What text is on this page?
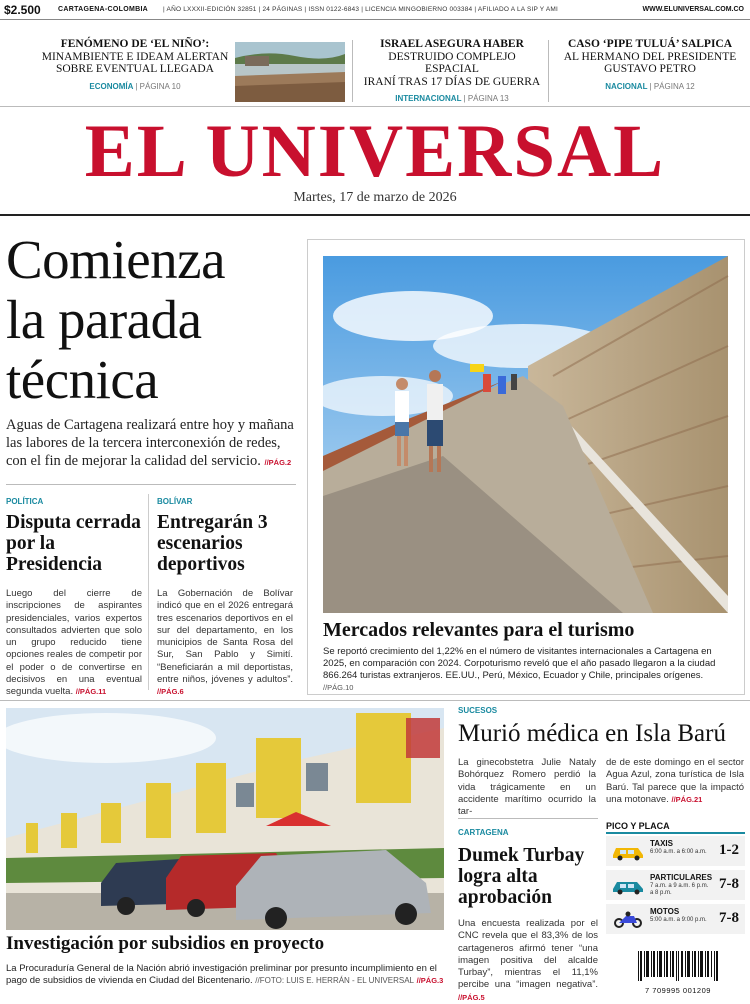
$2.500 CARTAGENA-COLOMBIA | AÑO LXXXII-EDICIÓN 32851 | 24 PÁGINAS | ISSN 0122-6843 | LICENCIA MINGOBIERNO 003384 | AFILIADO A LA SIP Y AMI	WWW.ELUNIVERSAL.COM.CO
FENÓMENO DE ‘EL NIÑO’:
MINAMBIENTE E IDEAM ALERTAN
SOBRE EVENTUAL LLEGADA
ECONOMÍA | PÁGINA 10
ISRAEL ASEGURA HABER
DESTRUIDO COMPLEJO ESPACIAL
IRANÍ TRAS 17 DÍAS DE GUERRA
INTERNACIONAL | PÁGINA 13
CASO ‘PIPE TULUÁ’ SALPICA
AL HERMANO DEL PRESIDENTE
GUSTAVO PETRO
NACIONAL | PÁGINA 12
EL UNIVERSAL
Martes, 17 de marzo de 2026
Comienza
la parada
técnica
Aguas de Cartagena realizará entre hoy y mañana las labores de la tercera interconexión de redes, con el fin de mejorar la calidad del servicio. //PÁG.2
POLÍTICA
Disputa cerrada por la Presidencia
Luego del cierre de inscripciones de aspirantes presidenciales, varios expertos consultados advierten que solo un grupo reducido tiene opciones reales de competir por el poder o de convertirse en decisivos en una eventual segunda vuelta. //PÁG.11
BOLÍVAR
Entregarán 3 escenarios deportivos
La Gobernación de Bolívar indicó que en el 2026 entregará tres escenarios deportivos en el sur del departamento, en los municipios de Santa Rosa del Sur, San Pablo y Simití. “Beneficiarán a mil deportistas, entre niños, jóvenes y adultos”. //PÁG.6
Mercados relevantes para el turismo
Se reportó crecimiento del 1,22% en el número de visitantes internacionales a Cartagena en 2025, en comparación con 2024. Corpoturismo reveló que el año pasado llegaron a la ciudad 866.264 turistas extranjeros. EE.UU., Perú, México, Ecuador y Chile, principales orígenes. //PÁG.10
Investigación por subsidios en proyecto
La Procuraduría General de la Nación abrió investigación preliminar por presunto incumplimiento en el pago de subsidios de vivienda en Ciudad del Bicentenario. //FOTO: LUIS E. HERRÁN - EL UNIVERSAL //PÁG.3
SUCESOS
Murió médica en Isla Barú
La ginecobstetra Julie Nataly Bohórquez Romero perdió la vida trágicamente en un accidente marítimo ocurrido la tar-
de de este domingo en el sector Agua Azul, zona turística de Isla Barú. Tal parece que la impactó una motonave. //PÁG.21
CARTAGENA
Dumek Turbay logra alta aprobación
Una encuesta realizada por el CNC revela que el 83,3% de los cartageneros afirmó tener “una imagen positiva del alcalde Turbay”, mientras el 11,1% percibe una “imagen negativa”. //PÁG.5
PICO Y PLACA
TAXIS
6:00 a.m. a 6:00 a.m. 1-2
PARTICULARES
7 a.m. a 9 a.m. 6 p.m. a 8 p.m.
7-8
MOTOS
5:00 a.m. a 9:00 p.m. 7-8
7 709995 001209
